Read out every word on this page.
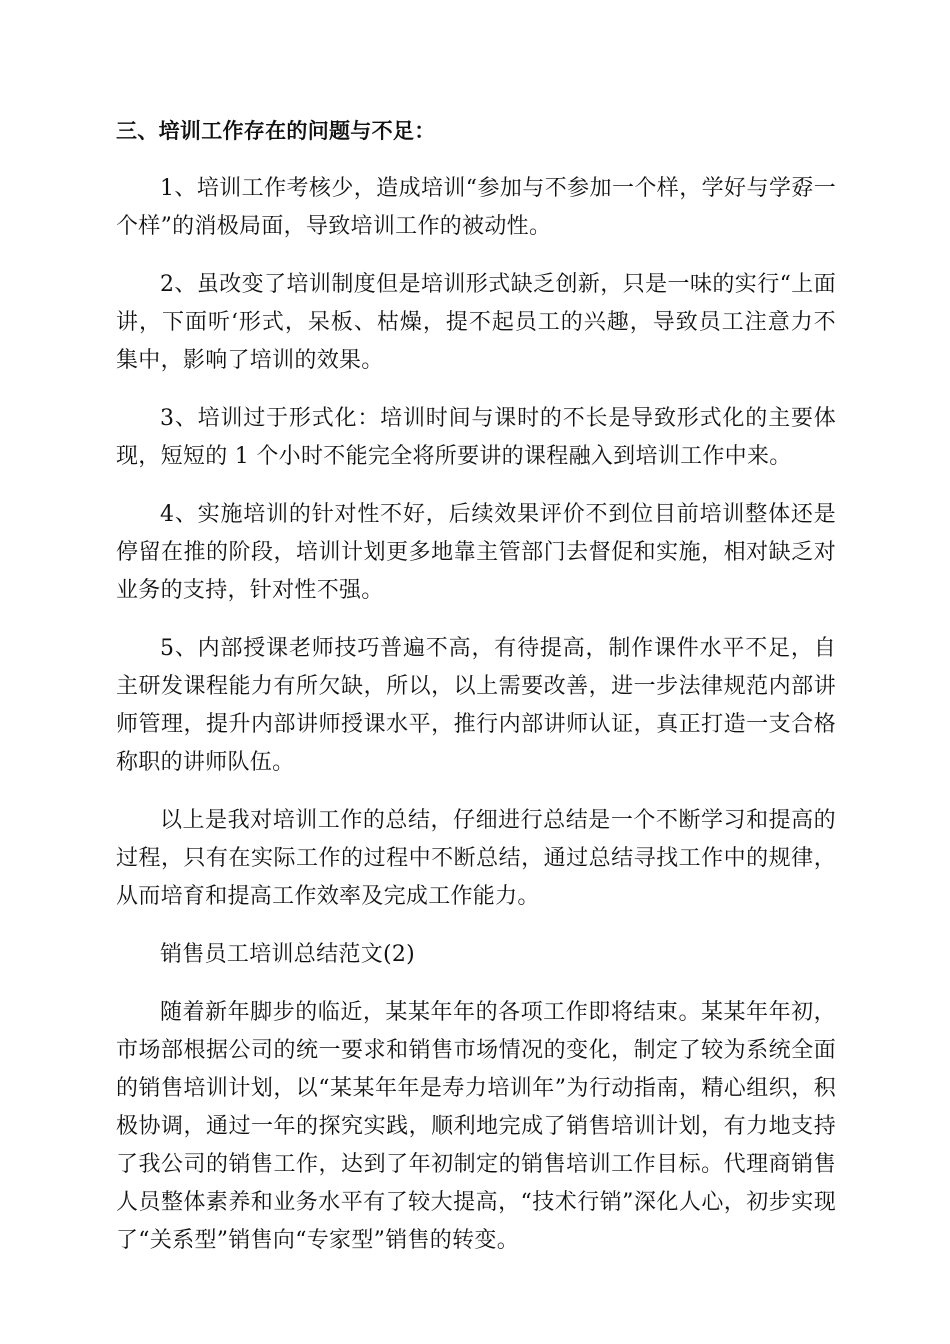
三、培训工作存在的问题与不足：

1、培训工作考核少，造成培训“参加与不参加一个样，学好与学孬一个样”的消极局面，导致培训工作的被动性。

2、虽改变了培训制度但是培训形式缺乏创新，只是一味的实行“上面讲，下面听‘形式，呆板、枯燥，提不起员工的兴趣，导致员工注意力不集中，影响了培训的效果。

3、培训过于形式化：培训时间与课时的不长是导致形式化的主要体现，短短的 1 个小时不能完全将所要讲的课程融入到培训工作中来。

4、实施培训的针对性不好，后续效果评价不到位目前培训整体还是停留在推的阶段，培训计划更多地靠主管部门去督促和实施，相对缺乏对业务的支持，针对性不强。

5、内部授课老师技巧普遍不高，有待提高，制作课件水平不足，自主研发课程能力有所欠缺，所以，以上需要改善，进一步法律规范内部讲师管理，提升内部讲师授课水平，推行内部讲师认证，真正打造一支合格称职的讲师队伍。

以上是我对培训工作的总结，仔细进行总结是一个不断学习和提高的过程，只有在实际工作的过程中不断总结，通过总结寻找工作中的规律，从而培育和提高工作效率及完成工作能力。

销售员工培训总结范文(2)

随着新年脚步的临近，某某年年的各项工作即将结束。某某年年初，市场部根据公司的统一要求和销售市场情况的变化，制定了较为系统全面的销售培训计划，以“某某年年是寿力培训年”为行动指南，精心组织，积极协调，通过一年的探究实践，顺利地完成了销售培训计划，有力地支持了我公司的销售工作，达到了年初制定的销售培训工作目标。代理商销售人员整体素养和业务水平有了较大提高，“技术行销”深化人心，初步实现了“关系型”销售向“专家型”销售的转变。
